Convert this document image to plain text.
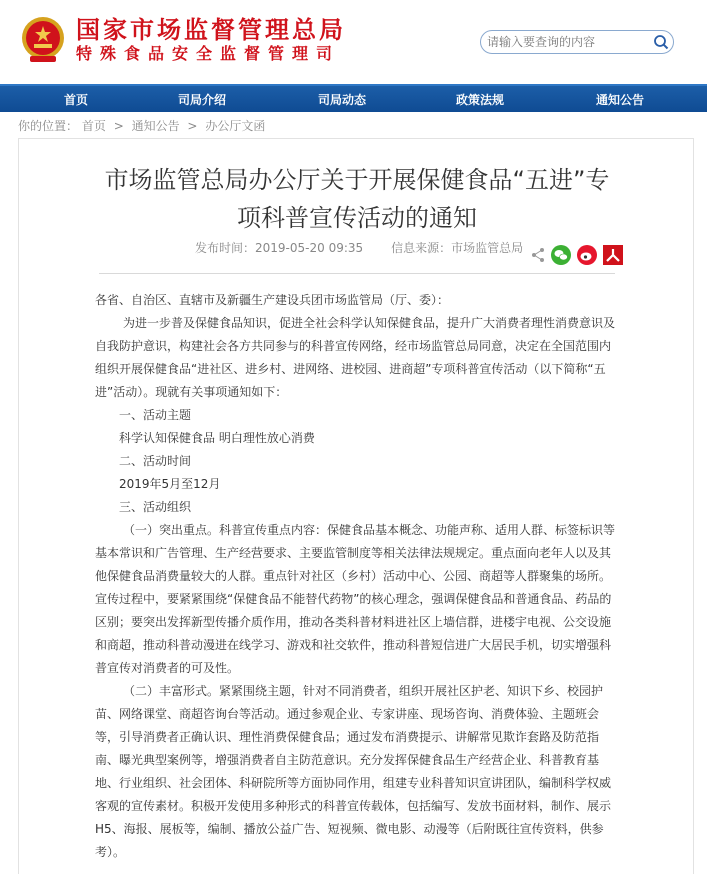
国家市场监督管理总局
特殊食品安全监督管理司
请输入要查询的内容
首页	司局介绍	司局动态	政策法规	通知公告
你的位置： 首页 > 通知公告 > 办公厅文函
市场监管总局办公厅关于开展保健食品“五进”专项科普宣传活动的通知
发布时间：2019-05-20 09:35 信息来源：市场监管总局

各省、自治区、直辖市及新疆生产建设兵团市场监管局（厅、委）：

为进一步普及保健食品知识，促进全社会科学认知保健食品，提升广大消费者理性消费意识及自我防护意识，构建社会各方共同参与的科普宣传网络，经市场监管总局同意，决定在全国范围内组织开展保健食品“进社区、进乡村、进网络、进校园、进商超”专项科普宣传活动（以下简称“五进”活动）。现就有关事项通知如下：

一、活动主题

科学认知保健食品 明白理性放心消费

二、活动时间

2019年5月至12月

三、活动组织

（一）突出重点。科普宣传重点内容：保健食品基本概念、功能声称、适用人群、标签标识等基本常识和广告管理、生产经营要求、主要监管制度等相关法律法规规定。重点面向老年人以及其他保健食品消费量较大的人群。重点针对社区（乡村）活动中心、公园、商超等人群聚集的场所。宣传过程中，要紧紧围绕“保健食品不能替代药物”的核心理念，强调保健食品和普通食品、药品的区别；要突出发挥新型传播介质作用，推动各类科普材料进社区上墙信群，进楼宇电视、公交设施和商超，推动科普动漫进在线学习、游戏和社交软件，推动科普短信进广大居民手机，切实增强科普宣传对消费者的可及性。

（二）丰富形式。紧紧围绕主题，针对不同消费者，组织开展社区护老、知识下乡、校园护苗、网络课堂、商超咨询台等活动。通过参观企业、专家讲座、现场咨询、消费体验、主题班会等，引导消费者正确认识、理性消费保健食品；通过发布消费提示、讲解常见欺诈套路及防范指南、曝光典型案例等，增强消费者自主防范意识。充分发挥保健食品生产经营企业、科普教育基地、行业组织、社会团体、科研院所等方面协同作用，组建专业科普知识宣讲团队，编制科学权威客观的宣传素材。积极开发使用多种形式的科普宣传载体，包括编写、发放书面材料，制作、展示H5、海报、展板等，编制、播放公益广告、短视频、微电影、动漫等（后附既往宣传资料，供参考）。
